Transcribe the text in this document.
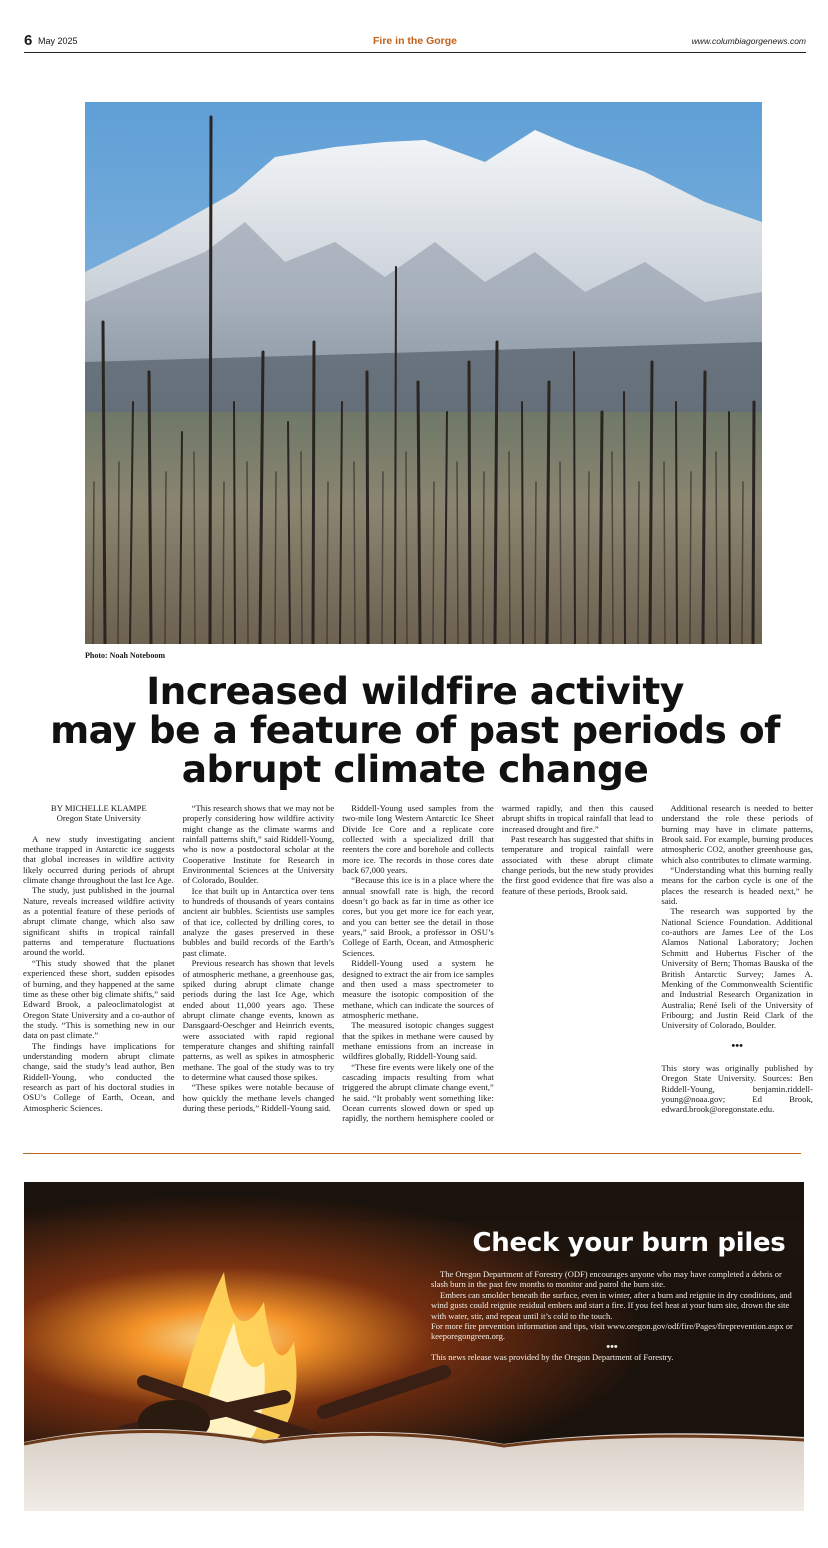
6 May 2025	Fire in the Gorge	www.columbiagorgenews.com
Photo: Noah Noteboom
Increased wildfire activity
may be a feature of past periods of
abrupt climate change

BY MICHELLE KLAMPE

Oregon State University

A new study investigating ancient methane trapped in Antarctic ice suggests that global increases in wildfire activity likely occurred during periods of abrupt climate change throughout the last Ice Age.

The study, just published in the journal Nature, reveals increased wildfire activity as a potential feature of these periods of abrupt climate change, which also saw significant shifts in tropical rainfall patterns and temperature fluctuations around the world.

“This study showed that the planet experienced these short, sudden episodes of burning, and they happened at the same time as these other big climate shifts,” said Edward Brook, a paleoclimatologist at Oregon State University and a co-author of the study. “This is something new in our data on past climate.”

The findings have implications for understanding modern abrupt climate change, said the study’s lead author, Ben Riddell-Young, who conducted the research as part of his doctoral studies in OSU’s College of Earth, Ocean, and Atmospheric Sciences.

“This research shows that we may not be properly considering how wildfire activity might change as the climate warms and rainfall patterns shift,” said Riddell-Young, who is now a postdoctoral scholar at the Cooperative Institute for Research in Environmental Sciences at the University of Colorado, Boulder.

Ice that built up in Antarctica over tens to hundreds of thousands of years contains ancient air bubbles. Scientists use samples of that ice, collected by drilling cores, to analyze the gases preserved in these bubbles and build records of the Earth’s past climate.

Previous research has shown that levels of atmospheric methane, a greenhouse gas, spiked during abrupt climate change periods during the last Ice Age, which ended about 11,000 years ago. These abrupt climate change events, known as Dansgaard-Oeschger and Heinrich events, were associated with rapid regional temperature changes and shifting rainfall patterns, as well as spikes in atmospheric methane. The goal of the study was to try to determine what caused those spikes.

“These spikes were notable because of how quickly the methane levels changed during these periods,” Riddell-Young said.

Riddell-Young used samples from the two-mile long Western Antarctic Ice Sheet Divide Ice Core and a replicate core collected with a specialized drill that reenters the core and borehole and collects more ice. The records in those cores date back 67,000 years.

“Because this ice is in a place where the annual snowfall rate is high, the record doesn’t go back as far in time as other ice cores, but you get more ice for each year, and you can better see the detail in those years,” said Brook, a professor in OSU’s College of Earth, Ocean, and Atmospheric Sciences.

Riddell-Young used a system he designed to extract the air from ice samples and then used a mass spectrometer to measure the isotopic composition of the methane, which can indicate the sources of atmospheric methane.

The measured isotopic changes suggest that the spikes in methane were caused by methane emissions from an increase in wildfires globally, Riddell-Young said.

“These fire events were likely one of the cascading impacts resulting from what triggered the abrupt climate change event,” he said. “It probably went something like: Ocean currents slowed down or sped up rapidly, the northern hemisphere cooled or warmed rapidly, and then this caused abrupt shifts in tropical rainfall that lead to increased drought and fire.”

Past research has suggested that shifts in temperature and tropical rainfall were associated with these abrupt climate change periods, but the new study provides the first good evidence that fire was also a feature of these periods, Brook said.

Additional research is needed to better understand the role these periods of burning may have in climate patterns, Brook said. For example, burning produces atmospheric CO2, another greenhouse gas, which also contributes to climate warming.

“Understanding what this burning really means for the carbon cycle is one of the places the research is headed next,” he said.

The research was supported by the National Science Foundation. Additional co-authors are James Lee of the Los Alamos National Laboratory; Jochen Schmitt and Hubertus Fischer of the University of Bern; Thomas Bauska of the British Antarctic Survey; James A. Menking of the Commonwealth Scientific and Industrial Research Organization in Australia; René Iseli of the University of Fribourg; and Justin Reid Clark of the University of Colorado, Boulder.

•••

This story was originally published by Oregon State University. Sources: Ben Riddell-Young, benjamin.riddell-young@noaa.gov; Ed Brook, edward.brook@oregonstate.edu.

Check your burn piles

The Oregon Department of Forestry (ODF) encourages anyone who may have completed a debris or slash burn in the past few months to monitor and patrol the burn site.

Embers can smolder beneath the surface, even in winter, after a burn and reignite in dry conditions, and wind gusts could reignite residual embers and start a fire. If you feel heat at your burn site, drown the site with water, stir, and repeat until it’s cold to the touch.

For more fire prevention information and tips, visit www.oregon.gov/odf/fire/Pages/fireprevention.aspx or keeporegongreen.org.

•••

This news release was provided by the Oregon Department of Forestry.
